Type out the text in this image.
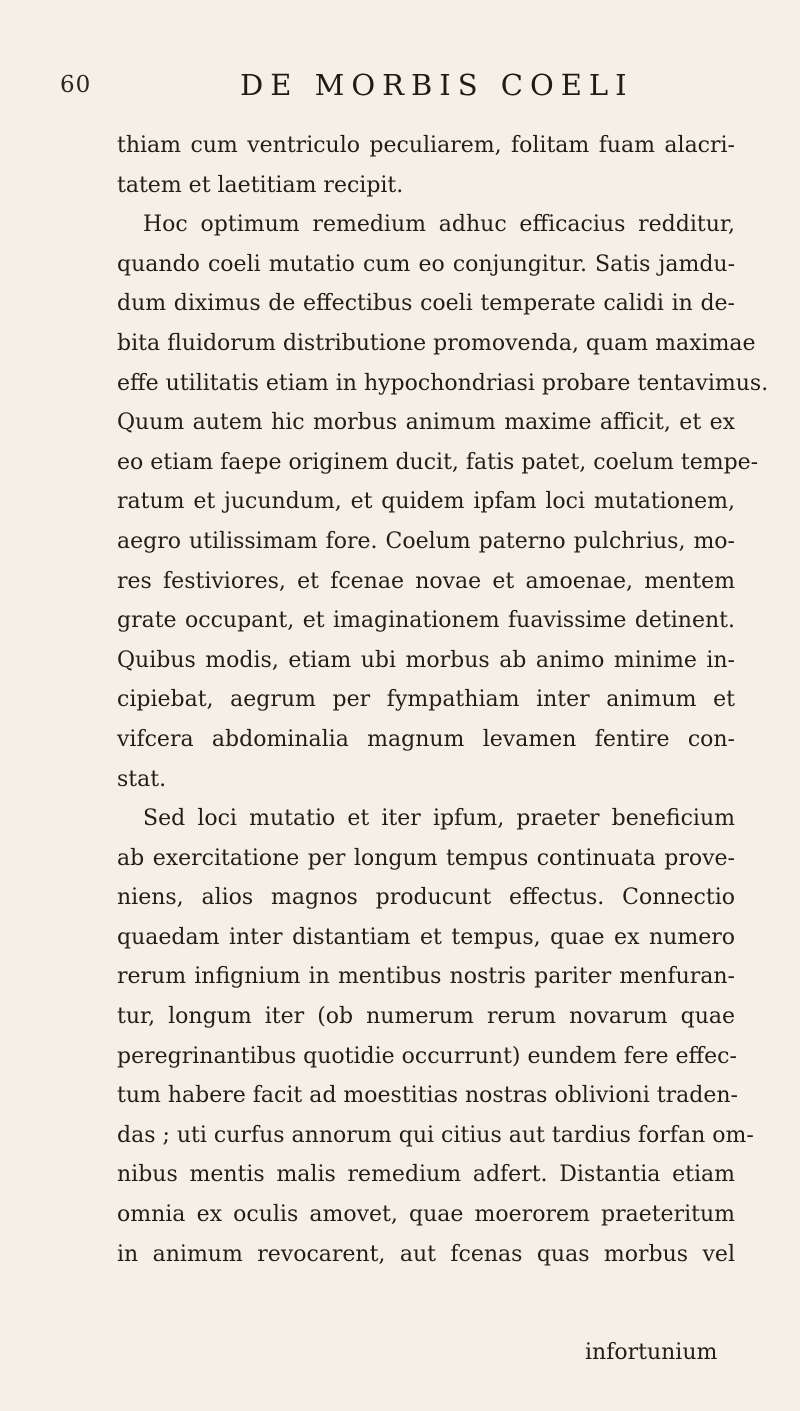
60	DE MORBIS COELI
thiam cum ventriculo peculiarem, folitam fuam alacri-
tatem et laetitiam recipit.
Hoc optimum remedium adhuc efficacius redditur,
quando coeli mutatio cum eo conjungitur. Satis jamdu-
dum diximus de effectibus coeli temperate calidi in de-
bita fluidorum distributione promovenda, quam maximae
effe utilitatis etiam in hypochondriasi probare tentavimus.
Quum autem hic morbus animum maxime afficit, et ex
eo etiam faepe originem ducit, fatis patet, coelum tempe-
ratum et jucundum, et quidem ipfam loci mutationem,
aegro utilissimam fore. Coelum paterno pulchrius, mo-
res festiviores, et fcenae novae et amoenae, mentem
grate occupant, et imaginationem fuavissime detinent.
Quibus modis, etiam ubi morbus ab animo minime in-
cipiebat, aegrum per fympathiam inter animum et
vifcera abdominalia magnum levamen fentire con-
stat.
Sed loci mutatio et iter ipfum, praeter beneficium
ab exercitatione per longum tempus continuata prove-
niens, alios magnos producunt effectus. Connectio
quaedam inter distantiam et tempus, quae ex numero
rerum infignium in mentibus nostris pariter menfuran-
tur, longum iter (ob numerum rerum novarum quae
peregrinantibus quotidie occurrunt) eundem fere effec-
tum habere facit ad moestitias nostras oblivioni traden-
das ; uti curfus annorum qui citius aut tardius forfan om-
nibus mentis malis remedium adfert. Distantia etiam
omnia ex oculis amovet, quae moerorem praeteritum
in animum revocarent, aut fcenas quas morbus vel
infortunium
